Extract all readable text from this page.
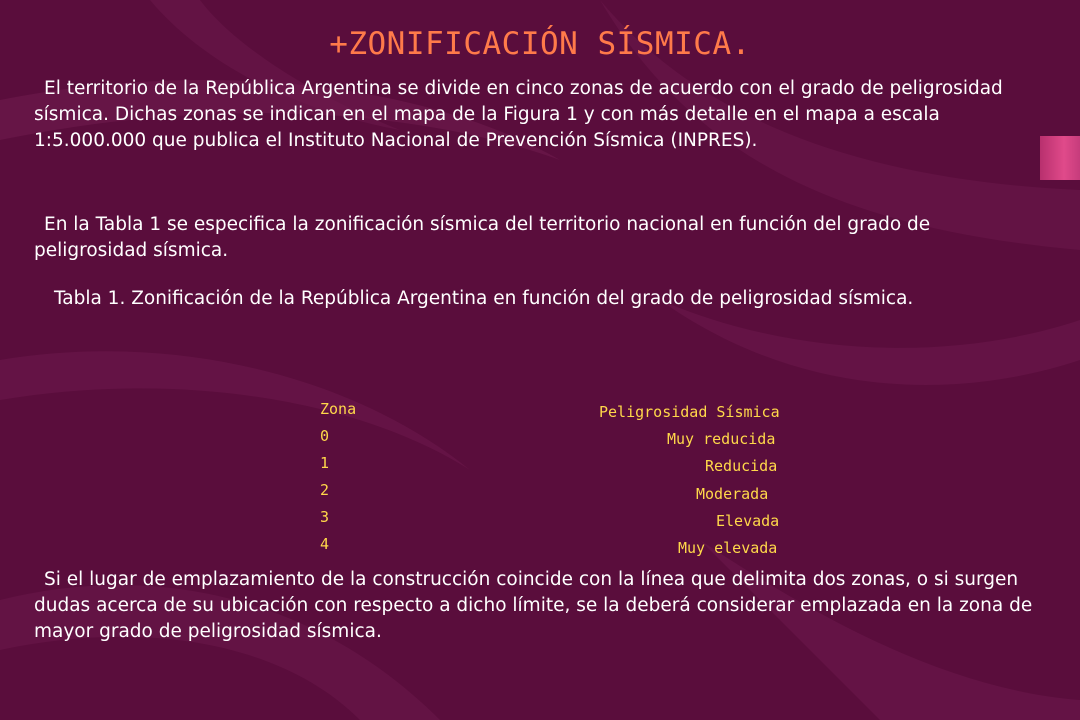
+ZONIFICACIÓN SÍSMICA.
El territorio de la República Argentina se divide en cinco zonas de acuerdo con el grado de peligrosidad sísmica. Dichas zonas se indican en el mapa de la Figura 1 y con más detalle en el mapa a escala 1:5.000.000 que publica el Instituto Nacional de Prevención Sísmica (INPRES).
En la Tabla 1 se especifica la zonificación sísmica del territorio nacional en función del grado de peligrosidad sísmica.
Tabla 1. Zonificación de la República Argentina en función del grado de peligrosidad sísmica.
Zona
0
1
2
3
4
Peligrosidad Sísmica
Muy reducida
Reducida
Moderada
Elevada
Muy elevada
Si el lugar de emplazamiento de la construcción coincide con la línea que delimita dos zonas, o si surgen dudas acerca de su ubicación con respecto a dicho límite, se la deberá considerar emplazada en la zona de mayor grado de peligrosidad sísmica.
